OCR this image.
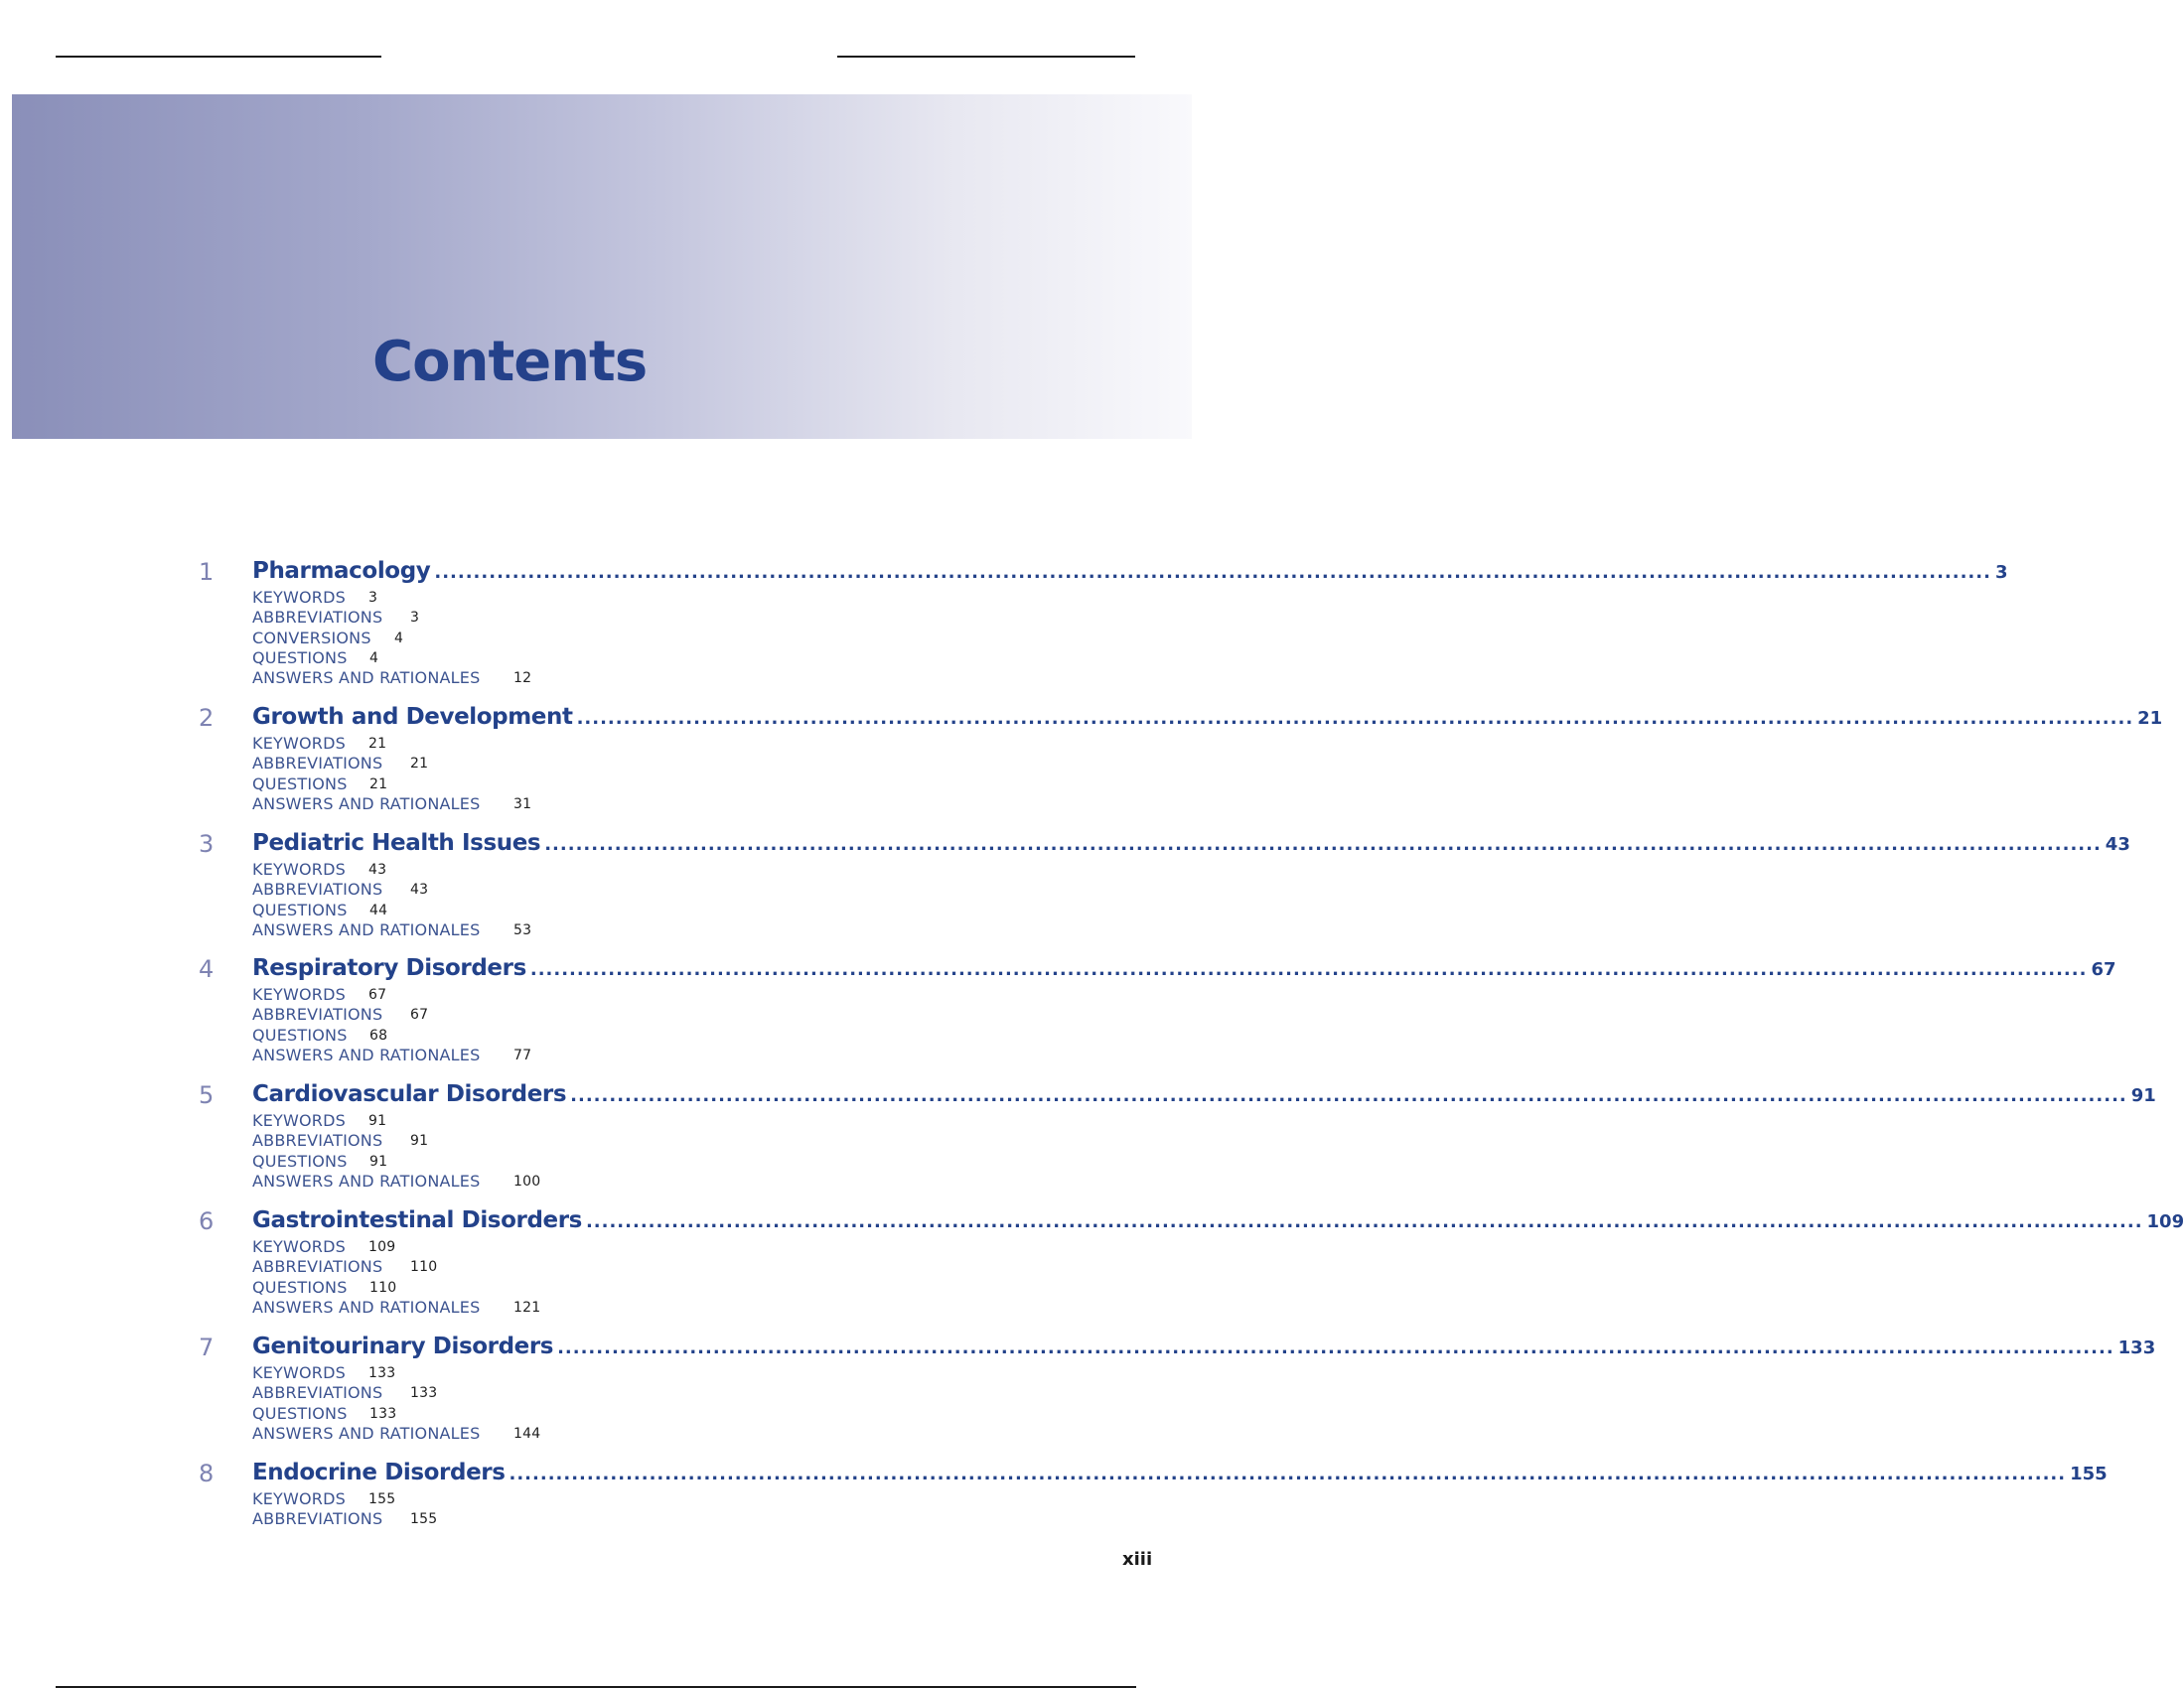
Contents
1 Pharmacology ........................................................................................................................................................................................................ 3
KEYWORDS 3
ABBREVIATIONS 3
CONVERSIONS 4
QUESTIONS 4
ANSWERS AND RATIONALES 12
2 Growth and Development ........................................................................................................................................................................................................ 21
KEYWORDS 21
ABBREVIATIONS 21
QUESTIONS 21
ANSWERS AND RATIONALES 31
3 Pediatric Health Issues ........................................................................................................................................................................................................ 43
KEYWORDS 43
ABBREVIATIONS 43
QUESTIONS 44
ANSWERS AND RATIONALES 53
4 Respiratory Disorders ........................................................................................................................................................................................................ 67
KEYWORDS 67
ABBREVIATIONS 67
QUESTIONS 68
ANSWERS AND RATIONALES 77
5 Cardiovascular Disorders ........................................................................................................................................................................................................ 91
KEYWORDS 91
ABBREVIATIONS 91
QUESTIONS 91
ANSWERS AND RATIONALES 100
6 Gastrointestinal Disorders ........................................................................................................................................................................................................ 109
KEYWORDS 109
ABBREVIATIONS 110
QUESTIONS 110
ANSWERS AND RATIONALES 121
7 Genitourinary Disorders ........................................................................................................................................................................................................ 133
KEYWORDS 133
ABBREVIATIONS 133
QUESTIONS 133
ANSWERS AND RATIONALES 144
8 Endocrine Disorders ........................................................................................................................................................................................................ 155
KEYWORDS 155
ABBREVIATIONS 155
xiii
